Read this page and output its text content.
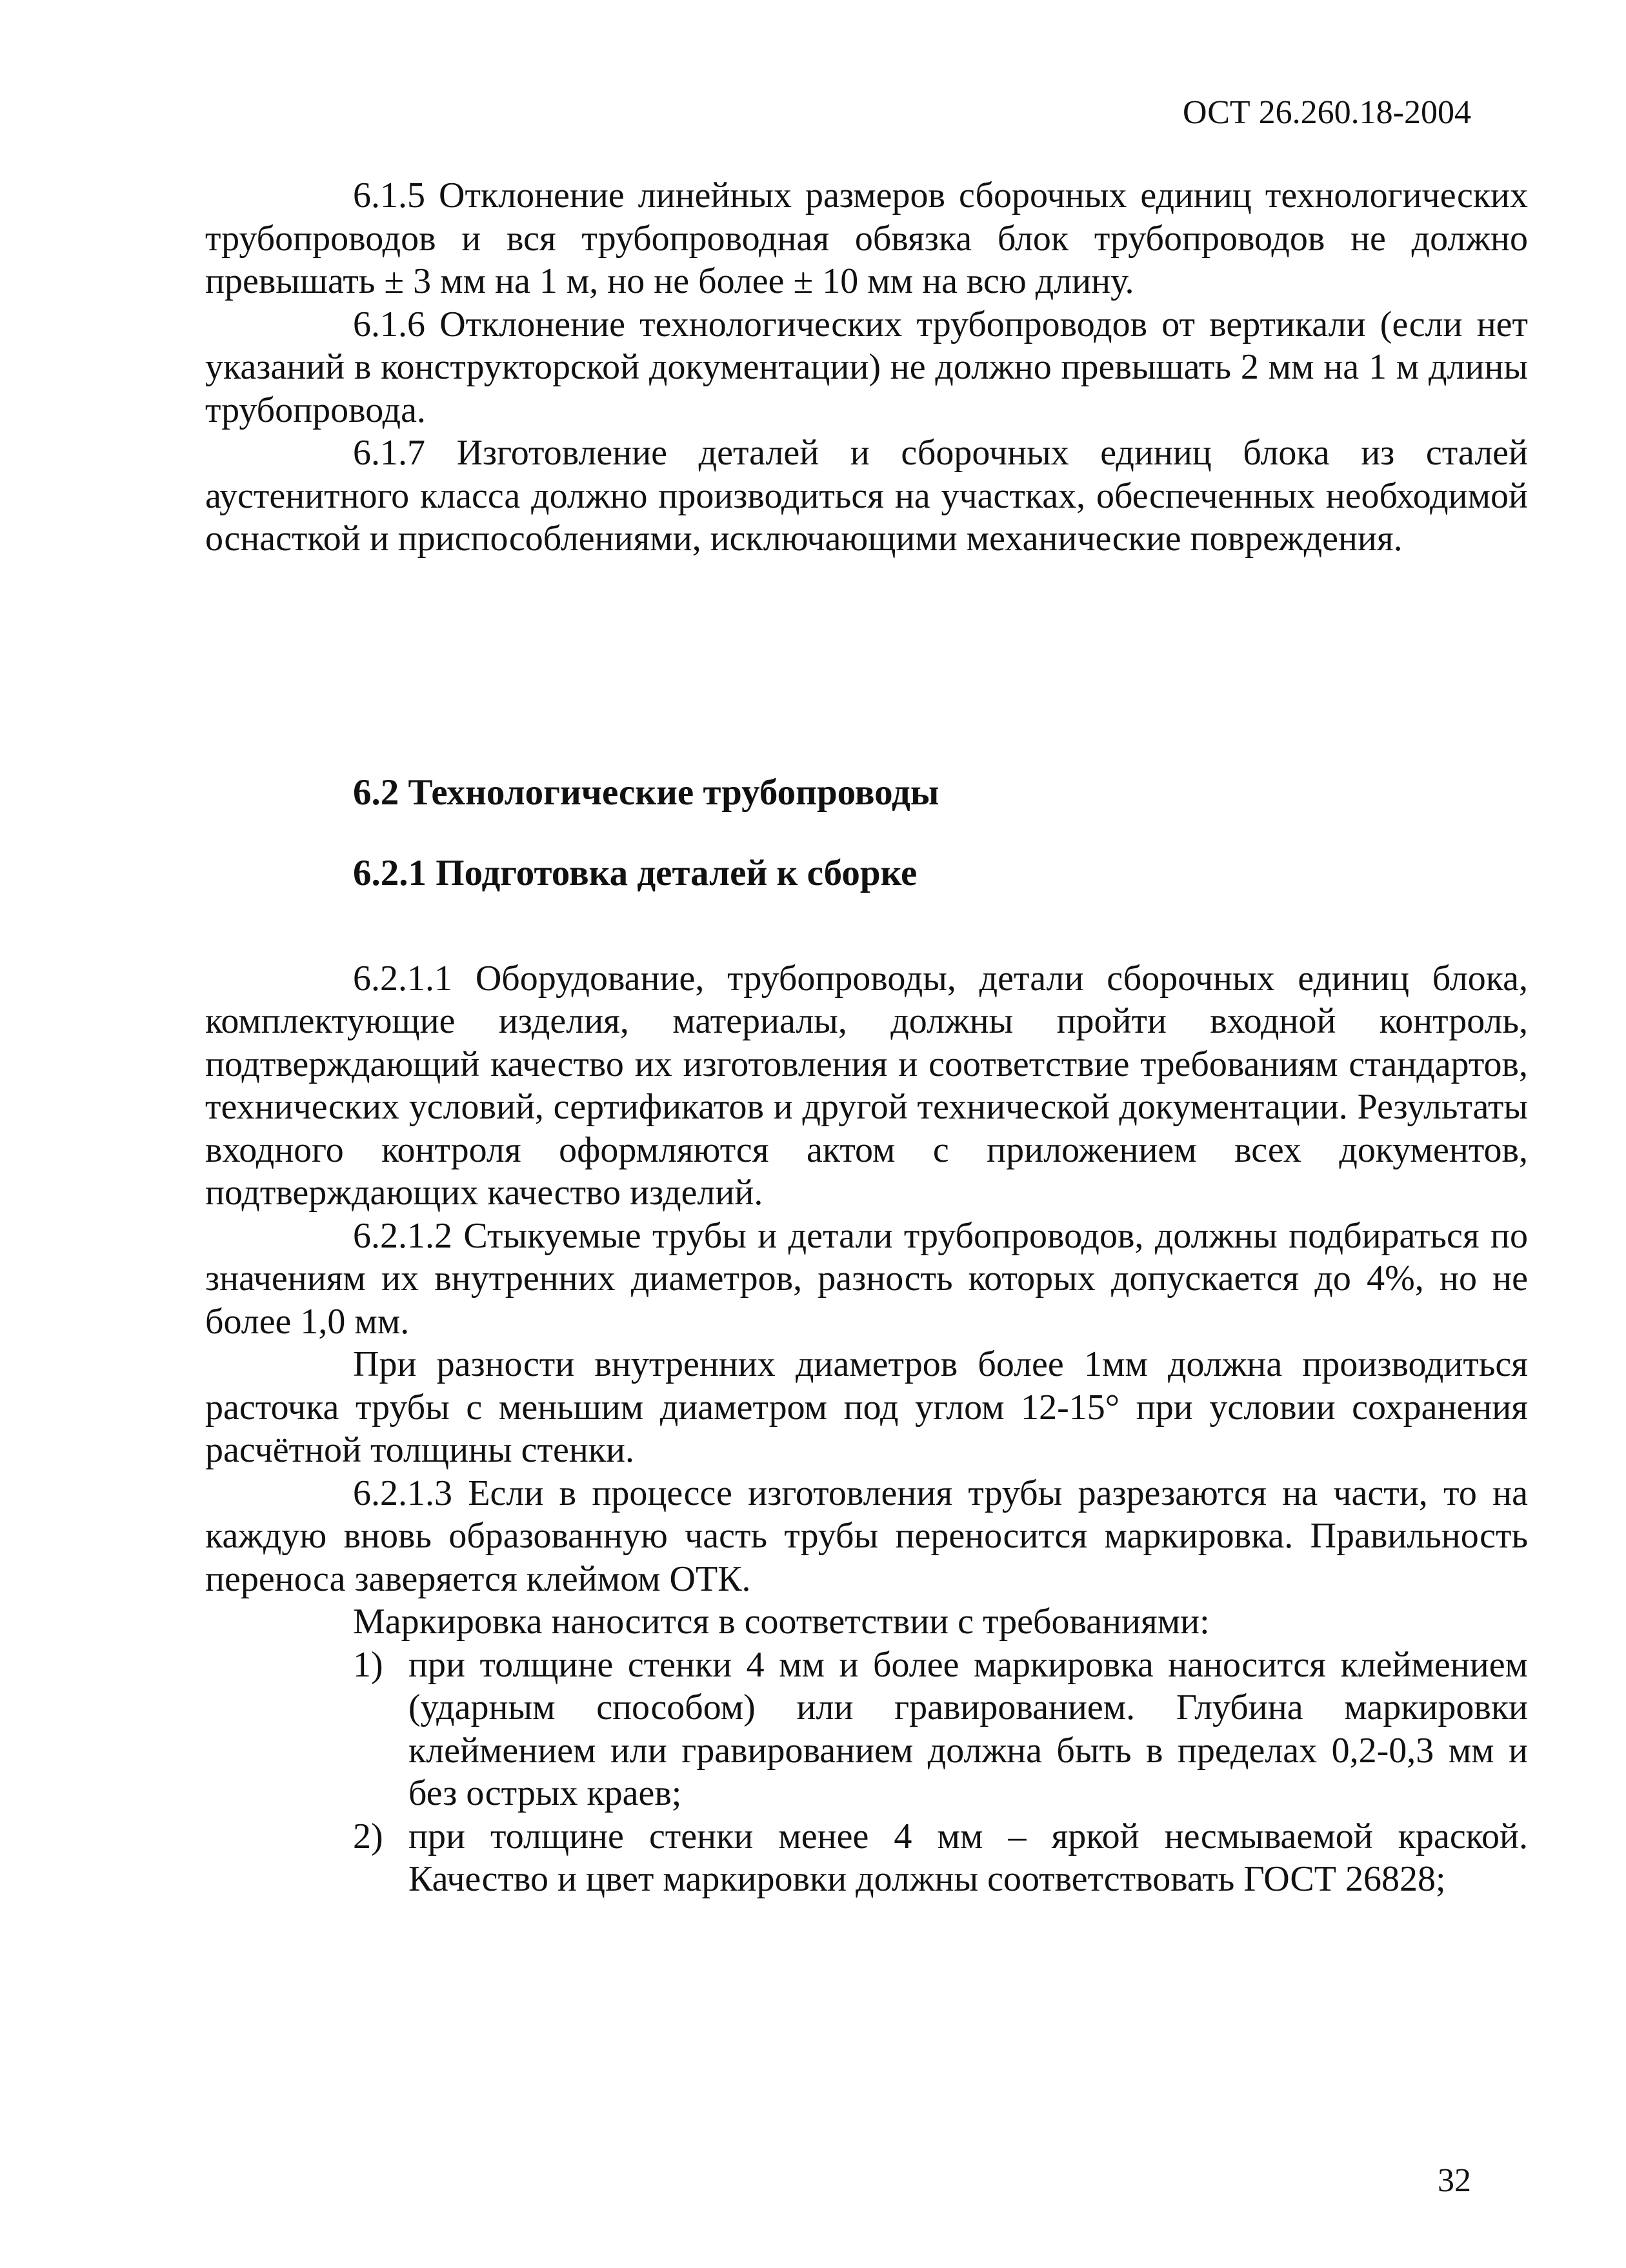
ОСТ 26.260.18-2004

6.1.5 Отклонение линейных размеров сборочных единиц технологических трубопроводов и вся трубопроводная обвязка блок трубопроводов не должно превышать ± 3 мм на 1 м, но не более ± 10 мм на всю длину.

6.1.6 Отклонение технологических трубопроводов от вертикали (если нет указаний в конструкторской документации) не должно превышать 2 мм на 1 м длины трубопровода.

6.1.7 Изготовление деталей и сборочных единиц блока из сталей аустенитного класса должно производиться на участках, обеспеченных необходимой оснасткой и приспособлениями, исключающими механические повреждения.

6.2 Технологические трубопроводы
6.2.1 Подготовка деталей к сборке

6.2.1.1 Оборудование, трубопроводы, детали сборочных единиц блока, комплектующие изделия, материалы, должны пройти входной контроль, подтверждающий качество их изготовления и соответствие требованиям стандартов, технических условий, сертификатов и другой технической документации. Результаты входного контроля оформляются актом с приложением всех документов, подтверждающих качество изделий.

6.2.1.2 Стыкуемые трубы и детали трубопроводов, должны подбираться по значениям их внутренних диаметров, разность которых допускается до 4%, но не более 1,0 мм.

При разности внутренних диаметров более 1мм должна производиться расточка трубы с меньшим диаметром под углом 12-15° при условии сохранения расчётной толщины стенки.

6.2.1.3 Если в процессе изготовления трубы разрезаются на части, то на каждую вновь образованную часть трубы переносится маркировка. Правильность переноса заверяется клеймом ОТК.

Маркировка наносится в соответствии с требованиями:

1) при толщине стенки 4 мм и более маркировка наносится клеймением (ударным способом) или гравированием. Глубина маркировки клеймением или гравированием должна быть в пределах 0,2-0,3 мм и без острых краев;
2) при толщине стенки менее 4 мм – яркой несмываемой краской. Качество и цвет маркировки должны соответствовать ГОСТ 26828;
32
